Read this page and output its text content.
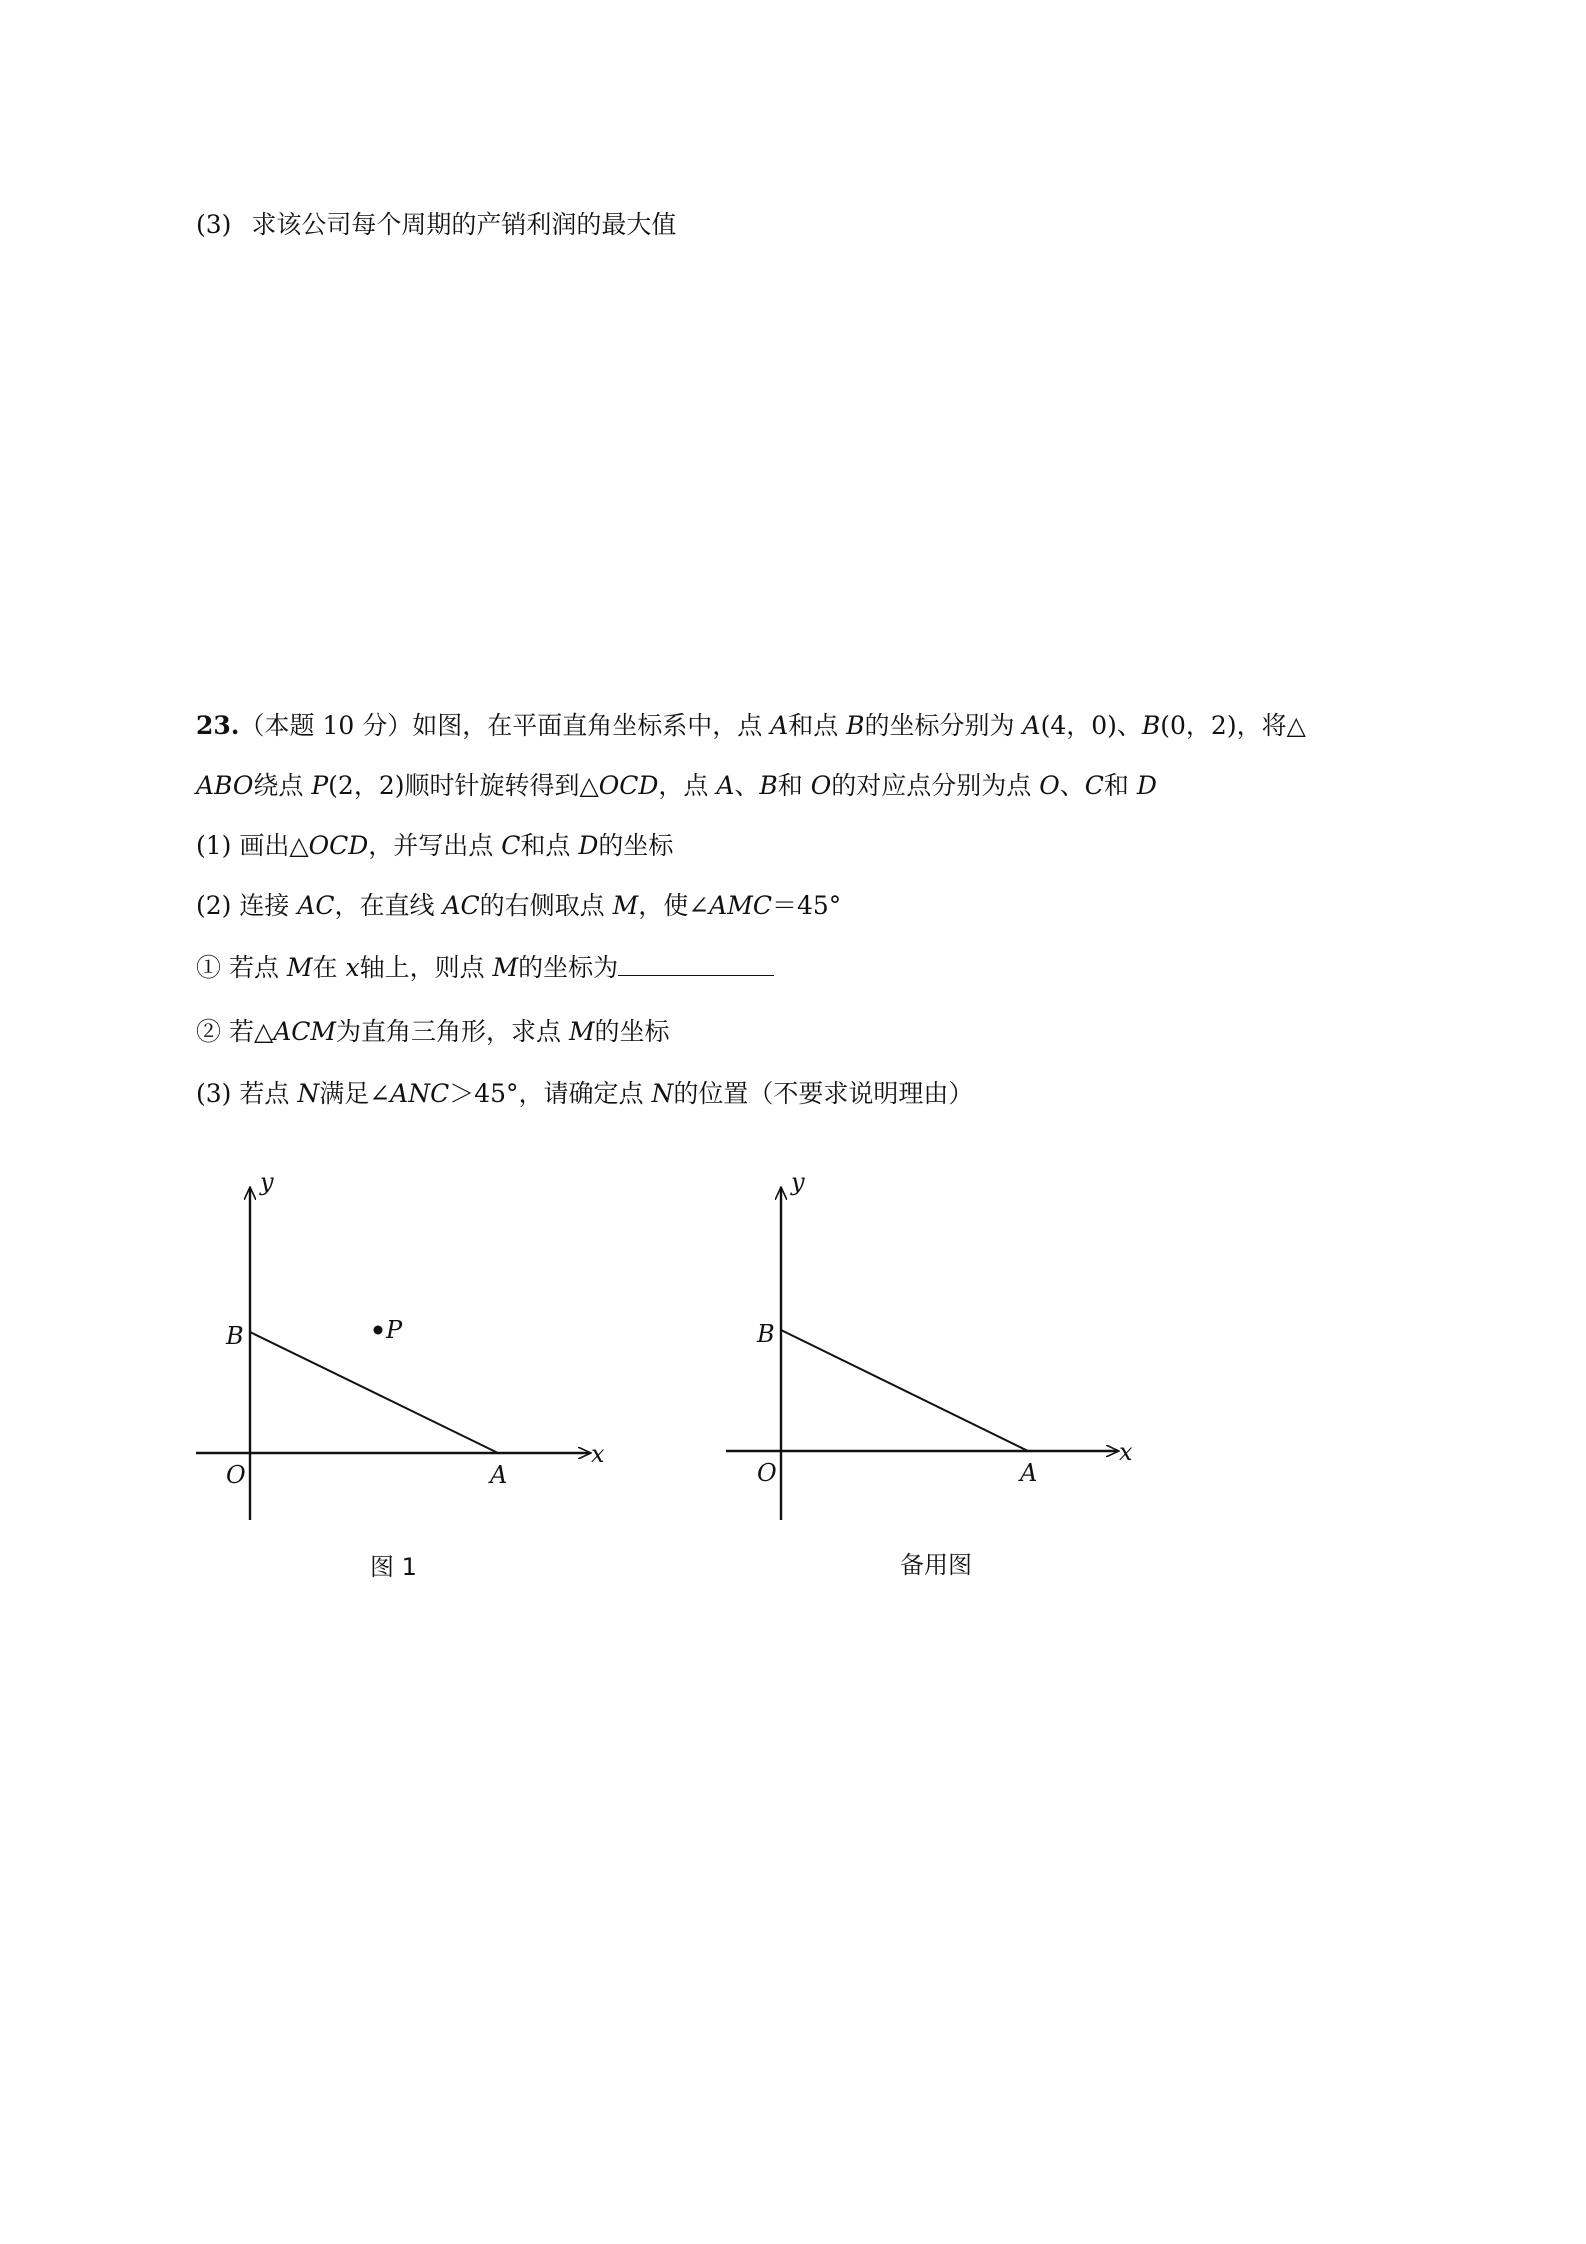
(3) 求该公司每个周期的产销利润的最大值
23.（本题 10 分）如图，在平面直角坐标系中，点 A和点 B的坐标分别为 A(4，0)、B(0，2)，将△
ABO绕点 P(2，2)顺时针旋转得到△OCD，点 A、B和 O的对应点分别为点 O、C和 D
(1) 画出△OCD，并写出点 C和点 D的坐标
(2) 连接 AC，在直线 AC的右侧取点 M，使∠AMC＝45°
① 若点 M在 x轴上，则点 M的坐标为
② 若△ACM为直角三角形，求点 M的坐标
(3) 若点 N满足∠ANC＞45°，请确定点 N的位置（不要求说明理由）
y
x
O	A
B	P
图 1
y
x
O	A
B
备用图
